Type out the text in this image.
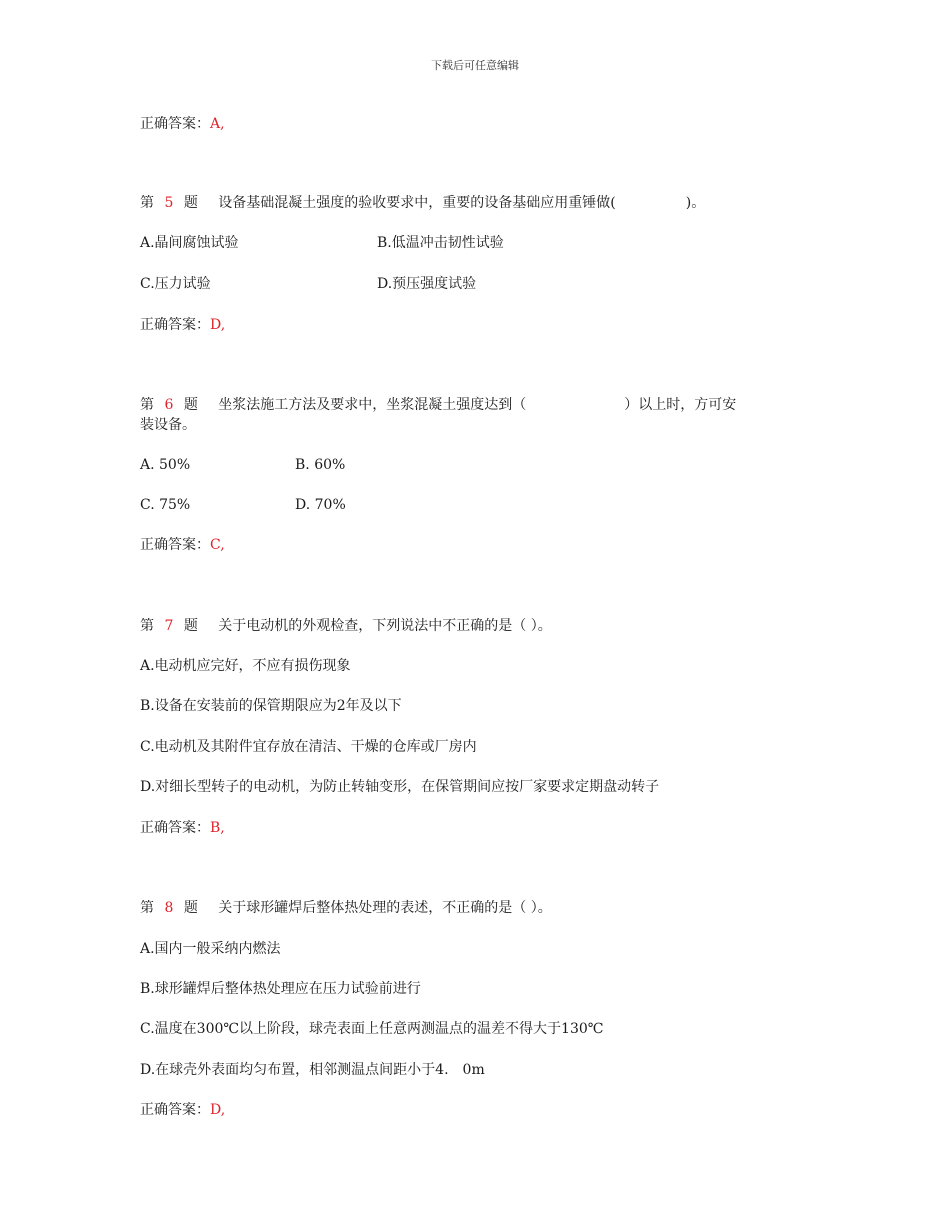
下载后可任意编辑
正确答案：A,
第 5 题 设备基础混凝土强度的验收要求中，重要的设备基础应用重锤做(　　　　　)。
A.晶间腐蚀试验	B.低温冲击韧性试验
C.压力试验	D.预压强度试验
正确答案：D,
第 6 题 坐浆法施工方法及要求中，坐浆混凝土强度达到（　　　　　　　）以上时，方可安
装设备。
A. 50%	B. 60%
C. 75%	D. 70%
正确答案：C,
第 7 题 关于电动机的外观检查，下列说法中不正确的是（ ）。
A.电动机应完好，不应有损伤现象
B.设备在安装前的保管期限应为2年及以下
C.电动机及其附件宜存放在清洁、干燥的仓库或厂房内
D.对细长型转子的电动机，为防止转轴变形，在保管期间应按厂家要求定期盘动转子
正确答案：B,
第 8 题 关于球形罐焊后整体热处理的表述，不正确的是（ ）。
A.国内一般采纳内燃法
B.球形罐焊后整体热处理应在压力试验前进行
C.温度在300℃以上阶段，球壳表面上任意两测温点的温差不得大于130℃
D.在球壳外表面均匀布置，相邻测温点间距小于4.　0m
正确答案：D,
